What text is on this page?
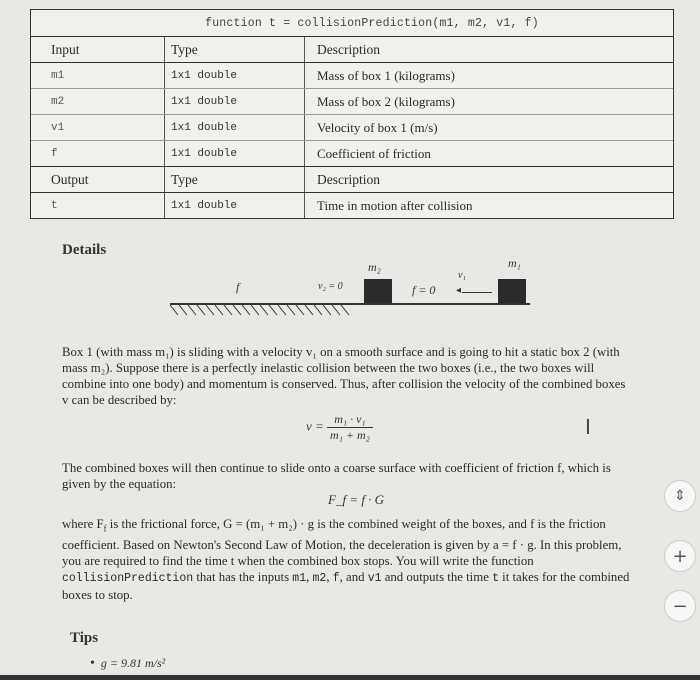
function t = collisionPrediction(m1, m2, v1, f)
Input	Type	Description
m1	1x1 double	Mass of box 1 (kilograms)
m2	1x1 double	Mass of box 2 (kilograms)
v1	1x1 double	Velocity of box 1 (m/s)
f	1x1 double	Coefficient of friction
Output	Type	Description
t	1x1 double	Time in motion after collision
Details
m₂	m₁
v₁
f	v₂ = 0	f = 0 ◂
Box 1 (with mass m₁) is sliding with a velocity v₁ on a smooth surface and is going to hit a static box 2 (with mass m₂). Suppose there is a perfectly inelastic collision between the two boxes (i.e., the two boxes will combine into one body) and momentum is conserved. Thus, after collision the velocity of the combined boxes v can be described by:
$v = \frac{\text{m₁ · v₁}}{\text{m₁ + m₂}}$	I
The combined boxes will then continue to slide onto a coarse surface with coefficient of friction f, which is given by the equation:
F_f = f · G
where $F_f$ is the frictional force, G = (m₁ + m₂) · g is the combined weight of the boxes, and f is the friction coefficient. Based on Newton's Second Law of Motion, the deceleration is given by a = f · g. In this problem, you are required to find the time t when the combined box stops. You will write the function collisionPrediction that has the inputs m1, m2, f, and v1 and outputs the time t it takes for the combined boxes to stop.
Tips
• g = 9.81 m/s²
⇕
+
−
